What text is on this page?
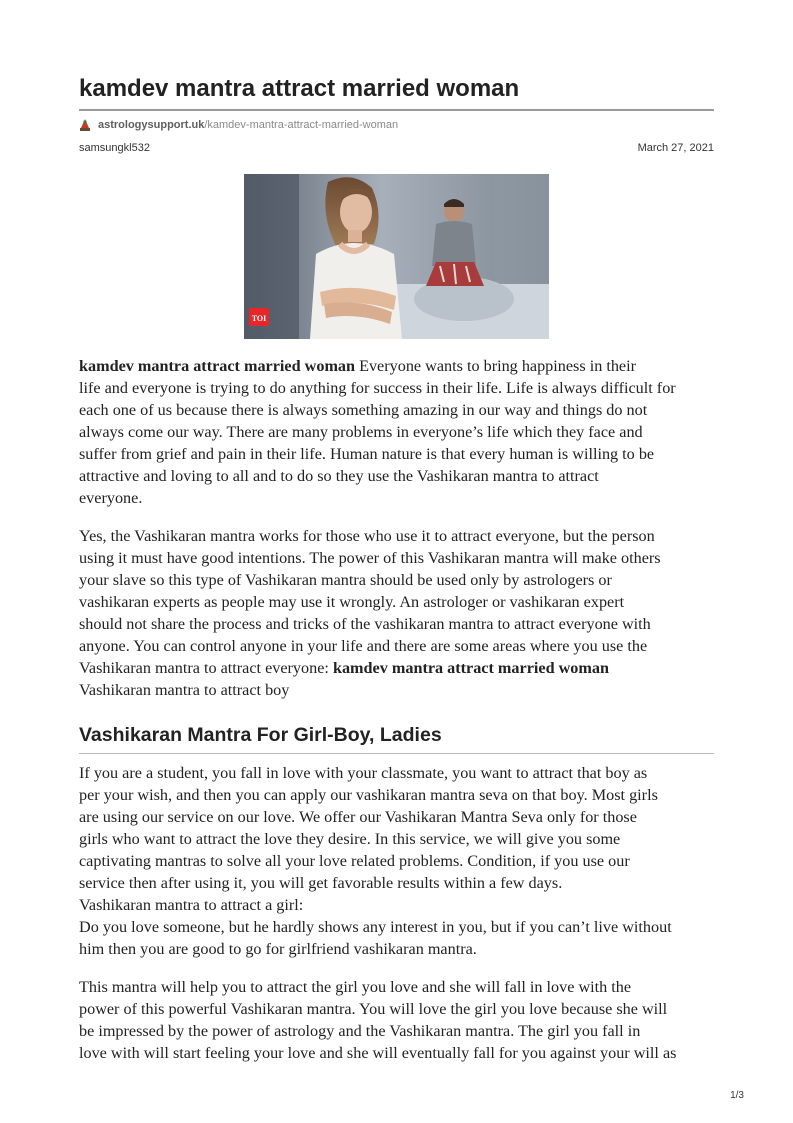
kamdev mantra attract married woman
astrologysupport.uk /kamdev-mantra-attract-married-woman
samsungkl532	March 27, 2021
TOI

kamdev mantra attract married woman Everyone wants to bring happiness in their
life and everyone is trying to do anything for success in their life. Life is always difficult for
each one of us because there is always something amazing in our way and things do not
always come our way. There are many problems in everyone’s life which they face and
suffer from grief and pain in their life. Human nature is that every human is willing to be
attractive and loving to all and to do so they use the Vashikaran mantra to attract
everyone.

Yes, the Vashikaran mantra works for those who use it to attract everyone, but the person
using it must have good intentions. The power of this Vashikaran mantra will make others
your slave so this type of Vashikaran mantra should be used only by astrologers or
vashikaran experts as people may use it wrongly. An astrologer or vashikaran expert
should not share the process and tricks of the vashikaran mantra to attract everyone with
anyone. You can control anyone in your life and there are some areas where you use the
Vashikaran mantra to attract everyone: kamdev mantra attract married woman
Vashikaran mantra to attract boy

Vashikaran Mantra For Girl-Boy, Ladies

If you are a student, you fall in love with your classmate, you want to attract that boy as
per your wish, and then you can apply our vashikaran mantra seva on that boy. Most girls
are using our service on our love. We offer our Vashikaran Mantra Seva only for those
girls who want to attract the love they desire. In this service, we will give you some
captivating mantras to solve all your love related problems. Condition, if you use our
service then after using it, you will get favorable results within a few days.
Vashikaran mantra to attract a girl:
Do you love someone, but he hardly shows any interest in you, but if you can’t live without
him then you are good to go for girlfriend vashikaran mantra.

This mantra will help you to attract the girl you love and she will fall in love with the
power of this powerful Vashikaran mantra. You will love the girl you love because she will
be impressed by the power of astrology and the Vashikaran mantra. The girl you fall in
love with will start feeling your love and she will eventually fall for you against your will as

1/3
